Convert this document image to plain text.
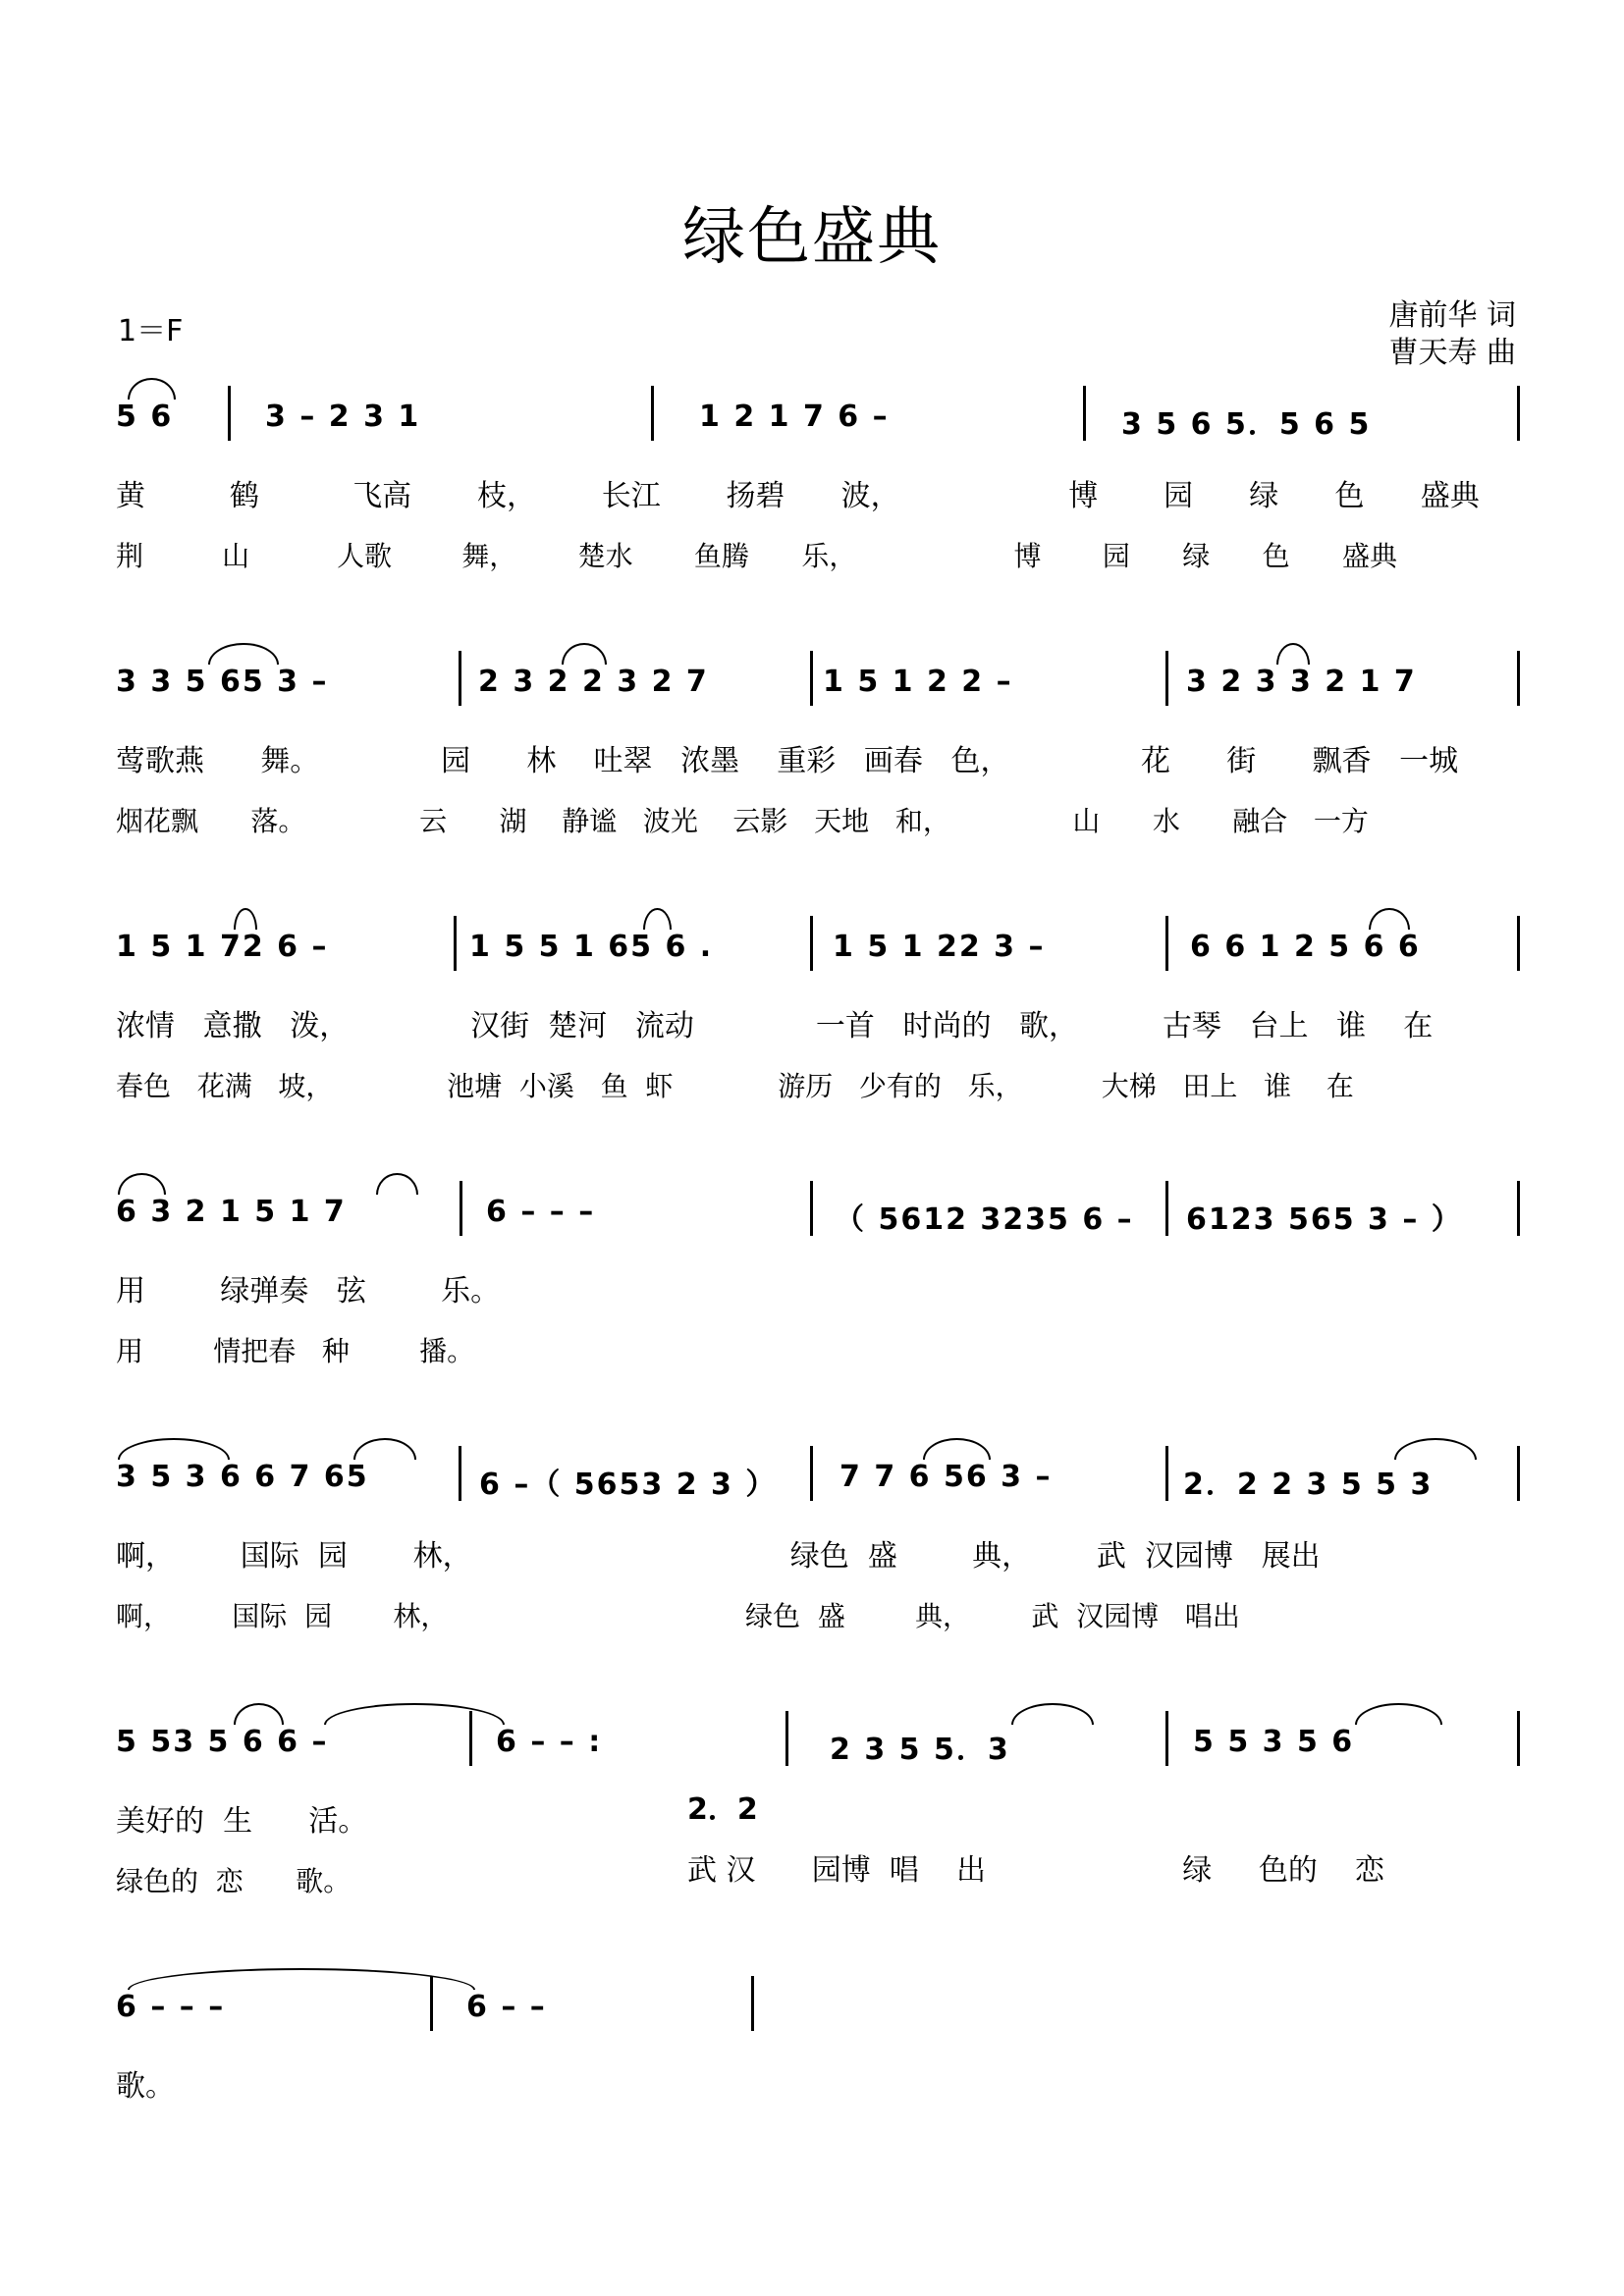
绿色盛典
1＝F	唐前华 词
曹天寿 曲
5 6	3 – 2 3 1	1 2 1 7 6 –	3 5 6 5．5 6 5
黄         鹤          飞高       枝，       长江       扬碧      波，                  博       园      绿      色      盛典
荆         山          人歌        舞，       楚水       鱼腾      乐，                  博       园      绿      色      盛典
3 3 5 65 3 –	2 3 2 2 3 2 7	1 5 1 2 2 –	3 2 3 3 2 1 7
莺歌燕      舞。             园      林    吐翠   浓墨    重彩   画春   色，              花      街      飘香   一城
烟花飘      落。             云      湖    静谧   波光    云影   天地   和，              山      水      融合   一方
1 5 1 72 6 –	1 5 5 1 65 6 .	1 5 1 22 3 –	6 6 1 2 5 6 6
浓情   意撒   泼，             汉街  楚河   流动             一首   时尚的   歌，         古琴   台上   谁    在
春色   花满   坡，             池塘  小溪   鱼  虾            游历   少有的   乐，         大梯   田上   谁    在
6 3 2 1 5 1 7	6 – – –	（ 5612 3235 6 – 6123 565 3 – ）
用        绿弹奏   弦        乐。
用        情把春   种        播。
3 5 3 6 6 7 65	6 –（ 5653 2 3 ） 7 7 6 56 3 –	2．2 2 3 5 5 3
啊，       国际  园       林，                                  绿色  盛        典，       武  汉园博   展出
啊，       国际  园       林，                                  绿色  盛        典，       武  汉园博   唱出
5 53 5 6 6 –	6 – – :	2 3 5 5．3	5 5 3 5 6
美好的  生      活。
绿色的  恋      歌。
6 – – –	6 – –
歌。
2．2
武 汉      园博  唱    出                     绿     色的    恋
